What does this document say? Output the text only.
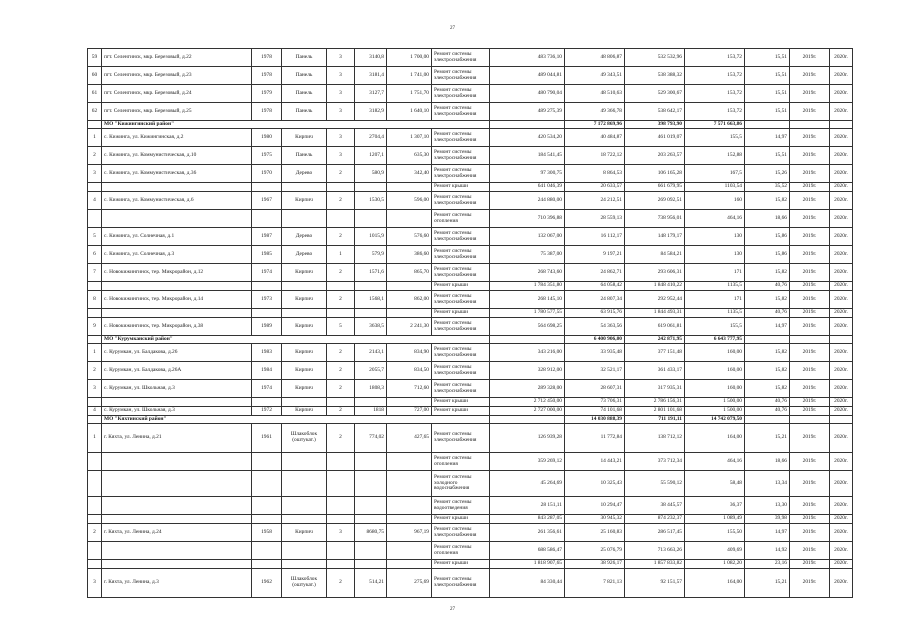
27
59	пгт. Селенгинск, мкр. Березовый, д.22	1978	Панель	3	3140,8	1 700,00	Ремонт системы электроснабжения	483 736,10	48 806,87	532 532,96	153,72	15,51	2019г.	2020г.
60	пгт. Селенгинск, мкр. Березовый, д.23	1978	Панель	3	3181,4	1 741,00	Ремонт системы электроснабжения	489 044,81	49 343,51	538 388,32	153,72	15,51	2019г.	2020г.
61	пгт. Селенгинск, мкр. Березовый, д.24	1979	Панель	3	3127,7	1 751,70	Ремонт системы электроснабжения	480 790,04	48 510,63	529 300,67	153,72	15,51	2019г.	2020г.
62	пгт. Селенгинск, мкр. Березовый, д.25	1978	Панель	3	3182,9	1 640,10	Ремонт системы электроснабжения	489 275,39	49 366,78	538 642,17	153,72	15,51	2019г.	2020г.
	МО "Кижингинский район"								7 172 869,96	398 793,90	7 571 663,86			
1	с. Кижинга, ул. Кижингинская, д.2	1980	Кирпич	3	2704,4	1 307,10	Ремонт системы электроснабжения	420 534,20	40 484,87	461 019,07	155,5	14,97	2019г.	2020г.
2	с. Кижинга, ул. Коммунистическая, д.10	1975	Панель	3	1207,1	635,30	Ремонт системы электроснабжения	184 541,45	18 722,12	203 263,57	152,88	15,51	2019г.	2020г.
3	с. Кижинга, ул. Коммунистическая, д.36	1970	Дерево	2	580,9	342,40	Ремонт системы электроснабжения	97 300,75	8 864,53	106 165,28	167,5	15,26	2019г.	2020г.
							Ремонт крыши	641 046,39	20 633,57	661 679,95	1103,54	35,52	2019г.	2020г.
4	с. Кижинга, ул. Коммунистическая, д.6	1967	Кирпич	2	1530,5	596,00	Ремонт системы электроснабжения	244 880,00	24 212,51	269 092,51	160	15,82	2019г.	2020г.
							Ремонт системы отопления	710 396,88	28 559,13	738 956,01	464,16	18,66	2019г.	2020г.
5	с. Кижинга, ул. Солнечная, д.1	1987	Дерево	2	1015,9	576,60	Ремонт системы электроснабжения	132 067,00	16 112,17	148 179,17	130	15,86	2019г.	2020г.
6	с. Кижинга, ул. Солнечная, д.3	1985	Дерево	1	579,9	386,60	Ремонт системы электроснабжения	75 387,00	9 197,21	84 584,21	130	15,86	2019г.	2020г.
7	с. Новокижингинск, тер. Микрорайон, д.12	1974	Кирпич	2	1571,6	865,70	Ремонт системы электроснабжения	268 743,60	24 862,71	293 606,31	171	15,82	2019г.	2020г.
							Ремонт крыши	1 784 351,80	64 058,42	1 848 410,22	1135,5	40,76	2019г.	2020г.
8	с. Новокижингинск, тер. Микрорайон, д.14	1973	Кирпич	2	1568,1	862,00	Ремонт системы электроснабжения	268 145,10	24 807,34	292 952,44	171	15,82	2019г.	2020г.
							Ремонт крыши	1 780 577,55	63 915,76	1 844 493,31	1135,5	40,76	2019г.	2020г.
9	с. Новокижингинск, тер. Микрорайон, д.38	1989	Кирпич	5	3638,5	2 241,30	Ремонт системы электроснабжения	564 698,25	54 363,56	619 061,81	155,5	14,97	2019г.	2020г.
	МО "Курумканский район"								6 400 906,00	242 871,95	6 643 777,95			
1	с. Курумкан, ул. Балдакова, д.26	1983	Кирпич	2	2143,1	834,90	Ремонт системы электроснабжения	343 216,00	33 935,48	377 151,48	160,00	15,82	2019г.	2020г.
2	с. Курумкан, ул. Балдакова, д.26А	1984	Кирпич	2	2055,7	834,50	Ремонт системы электроснабжения	328 912,00	32 521,17	361 433,17	160,00	15,82	2019г.	2020г.
3	с. Курумкан, ул. Школьная, д.3	1974	Кирпич	2	1808,3	712,60	Ремонт системы электроснабжения	289 328,00	28 607,31	317 935,31	160,00	15,82	2019г.	2020г.
							Ремонт крыши	2 712 450,00	73 706,31	2 786 156,31	1 500,00	40,76	2019г.	2020г.
4	с. Курумкан, ул. Школьная, д.3	1972	Кирпич	2	1818	727,00	Ремонт крыши	2 727 000,00	74 101,68	2 801 101,68	1 500,00	40,76	2019г.	2020г.
	МО "Кяхтинский район"								14 030 888,39	711 191,11	14 742 079,50			
1	г. Кяхта, ул. Ленина, д.21	1961	Шлакоблок (оштукат.)	2	774,02	427,65	Ремонт системы электроснабжения	126 939,28	11 772,84	138 712,12	164,00	15,21	2019г.	2020г.
							Ремонт системы отопления	359 269,12	14 443,21	373 712,34	464,16	18,66	2019г.	2020г.
							Ремонт системы холодного водоснабжения	45 264,69	10 325,43	55 590,12	58,48	13,34	2019г.	2020г.
							Ремонт системы водоотведения	28 151,11	10 294,47	38 445,57	36,37	13,30	2019г.	2020г.
							Ремонт крыши	843 287,05	30 945,32	874 232,37	1 089,49	39,98	2019г.	2020г.
2	г. Кяхта, ул. Ленина, д.24	1958	Кирпич	3	8680,75	967,19	Ремонт системы электроснабжения	261 356,61	25 160,83	286 517,45	155,50	14,97	2019г.	2020г.
							Ремонт системы отопления	688 586,47	25 076,79	713 663,26	409,69	14,92	2019г.	2020г.
							Ремонт крыши	1 818 907,65	38 926,17	1 857 833,82	1 082,20	23,16	2019г.	2020г.
3	г. Кяхта, ул. Ленина, д.3	1962	Шлакоблок (оштукат.)	2	514,21	275,69	Ремонт системы электроснабжения	84 330,44	7 821,13	92 151,57	164,00	15,21	2019г.	2020г.
27
